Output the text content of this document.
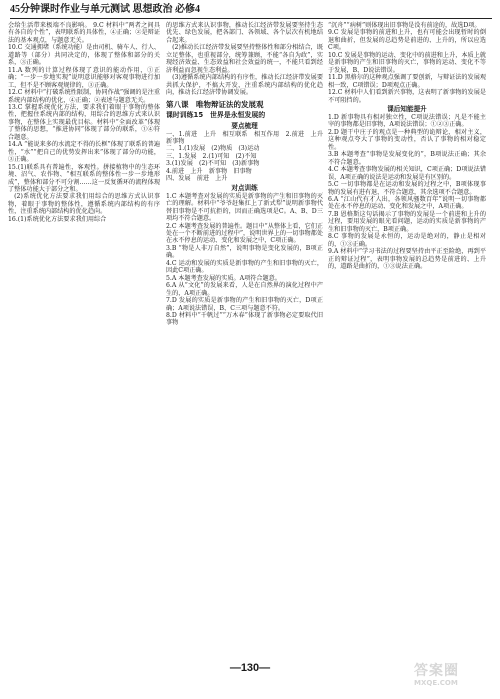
45分钟课时作业与单元测试 思想政治 必修4

会给生活带来极端不良影响。 9.C 材料中“两者之间具有各自的个性”，表明联系的具体性，④正确；②是辩证法的基本观点，与题意无关。

10.C 交通拥堵（系统功能）是由司机、骑车人、行人、道路等（部分）共同决定的，体现了整体和部分的关系，③正确。

11.A 数列的计算过程体现了意识的能动作用，①正确；“一步一步地实现”说明意识能够对客观事物进行加工，但不是不顾客观规律的，③正确。

12.C 材料中“打破系统性限制，协同作战”强调的是注重系统内部结构的优化，④正确；②表述与题意无关。

13.C 掌握系统优化方法，要求我们着眼于事物的整体性，把握住系统内部的结构，用综合的思维方式来认识事物，在整体上实现最优目标。材料中“全面改革”体现了整体的思想，“推进协同”体现了部分的联系，①④符合题意。

14.A “能说来多的水流定不得的长框”体现了联系的普遍性，“水”“把自己的优势发挥出来”体现了部分的功能，③正确。

15.(1)联系具有普遍性、客观性。拼接植物中的生态环境、沼气、农作物、“相互联系的整体性一步一步地形成”，整体和部分不可分割……这一反复循环的流程体现了整体功能大于部分之和。

(2)系统优化方法要求我们用综合的思维方式认识事物，着眼于事物的整体性，遵循系统内部结构的有序性，注重系统内部结构的优化趋向。

16.(1)系统优化方法要求我们用综合

的思维方式来认识事物，推动长江经济带发展要坚持生态优先、绿色发展，把各部门、各领域、各个层次有机地结合起来。

(2)推动长江经济带发展要坚持整体性和部分相结合，既立足整体，也重视部分，统筹兼顾，不能“各自为政”，实现经济效益、生态效益和社会效益的统一，不能只看到经济利益而忽视生态利益。

(3)遵循系统内部结构的有序性，推动长江经济带发展要共抓大保护，不搞大开发，注重系统内部结构的优化趋向，推动长江经济带协调发展。

第八课　唯物辩证法的发展观
课时训练15　世界是永恒发展的
要点梳理

一、1.前进　上升　相互联系　相互作用　2.前进　上升　新事物

二、1.(1)发展　(2)物质　(3)运动

三、1.发展　2.(1)可知　(2)不知

3.(1)发展　(2)不可知　(3)新事物

4.前进　上升　新事物　旧事物

四、发展　前进　上升

对点训练

1.C 本题考查对发展的实质是新事物的产生和旧事物的灭亡的理解。材料中“爷爷赶集扛上了新式犁”说明新事物代替旧事物是不可抗拒的，因而正确选项是C。A、B、D三项均不符合题意。

2.C 本题考查发展的普遍性。题目中“从整体上看，它们正处在一个不断前进的过程中”，说明世界上的一切事物都处在永不停息的运动、变化和发展之中，C项正确。

3.B “物是人非万自然”，说明事物是变化发展的，B项正确。

4.C 运动和发展的实质是新事物的产生和旧事物的灭亡，因此C项正确。

5.A 本题考查发展的实质。A项符合题意。

6.A 从“文化”的发展来看，人是在自然界的演化过程中产生的，A项正确。

7.D 发展的实质是新事物的产生和旧事物的灭亡，D项正确；A项说法错误，B、C三项与题意不符。

8.D 材料中“千帆过”“万木春”体现了新事物必定要取代旧事物

“沉舟”“病树”则体现出旧事物是没有前途的，故选D项。

9.C 发展是事物的前进和上升，也有可能会出现暂时的倒退和曲折，但发展的总趋势是前进的、上升的，所以应选C项。

10.C 发展是事物的运动、变化中的前进和上升，本质上就是新事物的产生和旧事物的灭亡，事物的运动、变化不等于发展，B、D说法错误。

11.D 黑格尔的这种观点强调了要创新，与辩证法的发展观相一致，C项错误；D项观点正确。

12.C 材料中人们看到新兴事物，这表明了新事物的发展是不可阻挡的。

课后知能提升

1.D 新事物具有相对独立性，C项说法错误；凡是不能主宰的事物都是旧事物，A项说法错误；①②③正确。

2.D 题干中庄子的观点是一种典型的诡辩论、相对主义，这种观点夸大了事物的变动性，否认了事物的相对稳定性。

3.B 本题考查“事物是发展变化的”，B项说法正确；其余不符合题意。

4.C 本题考查事物发展的相关知识，C项正确；D项说法错误，A项正确的说法是运动和发展是有区别的。

5.C 一切事物都是在运动和发展的过程之中，B项体现事物的发展有进有退，不符合题意，其余选项不合题意。

6.A “江山代有才人出，各领风骚数百年”说明一切事物都处在永不停息的运动、变化和发展之中，A项正确。

7.B 恩格斯这句话揭示了事物的发展是一个前进和上升的过程，要用发展的眼光看问题，运动的实质是新事物的产生和旧事物的灭亡，B项正确。

8.C 事物的发展是永恒的，运动是绝对的，静止是相对的，①③正确。

9.A 材料中“学习书法的过程要坚持由平正至险绝，再到平正的辩证过程”，表明事物发展的总趋势是前进的、上升的，道路是曲折的，①③说法正确。

—130—	答案圈
MXQE.COM
